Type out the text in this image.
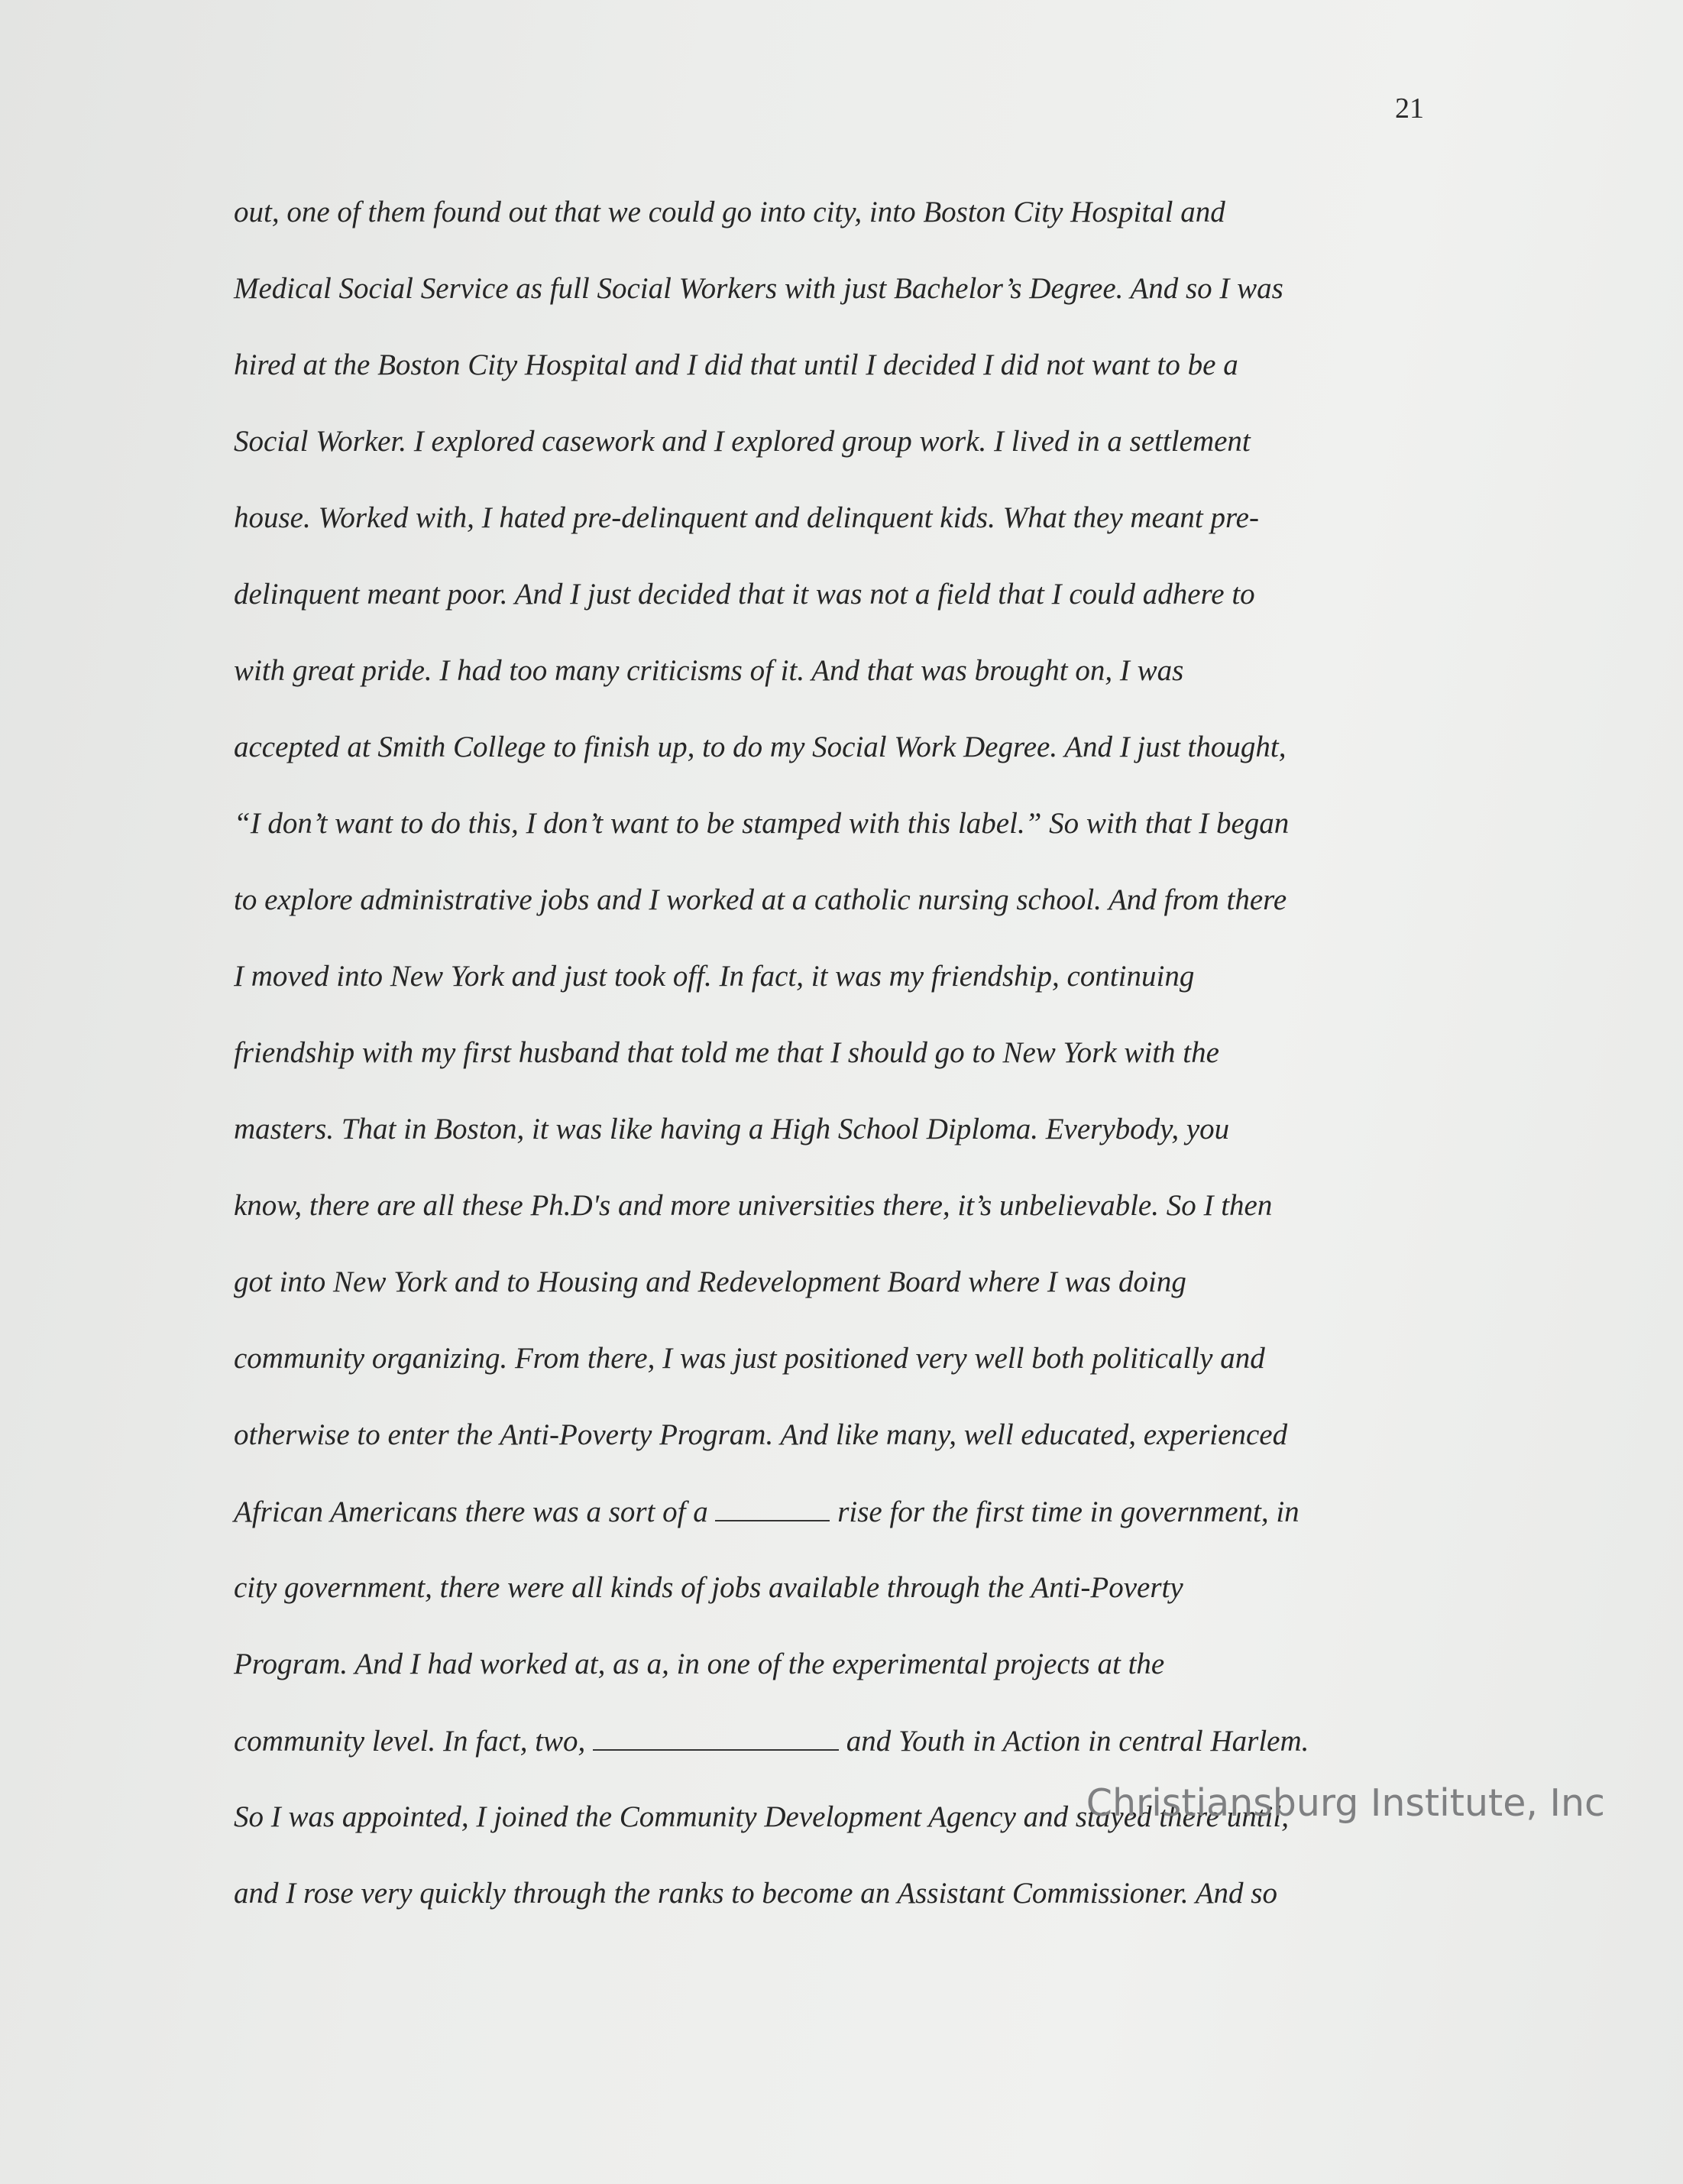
21
out, one of them found out that we could go into city, into Boston City Hospital and
Medical Social Service as full Social Workers with just Bachelor’s Degree. And so I was
hired at the Boston City Hospital and I did that until I decided I did not want to be a
Social Worker. I explored casework and I explored group work. I lived in a settlement
house. Worked with, I hated pre-delinquent and delinquent kids. What they meant pre-
delinquent meant poor. And I just decided that it was not a field that I could adhere to
with great pride. I had too many criticisms of it. And that was brought on, I was
accepted at Smith College to finish up, to do my Social Work Degree. And I just thought,
“I don’t want to do this, I don’t want to be stamped with this label.” So with that I began
to explore administrative jobs and I worked at a catholic nursing school. And from there
I moved into New York and just took off. In fact, it was my friendship, continuing
friendship with my first husband that told me that I should go to New York with the
masters. That in Boston, it was like having a High School Diploma. Everybody, you
know, there are all these Ph.D's and more universities there, it’s unbelievable. So I then
got into New York and to Housing and Redevelopment Board where I was doing
community organizing. From there, I was just positioned very well both politically and
otherwise to enter the Anti-Poverty Program. And like many, well educated, experienced
African Americans there was a sort of a	rise for the first time in government, in
city government, there were all kinds of jobs available through the Anti-Poverty
Program. And I had worked at, as a, in one of the experimental projects at the
community level. In fact, two,	and Youth in Action in central Harlem.
So I was appointed, I joined the Community Development Agency and stayed there until,
and I rose very quickly through the ranks to become an Assistant Commissioner. And so
Christiansburg Institute, Inc
